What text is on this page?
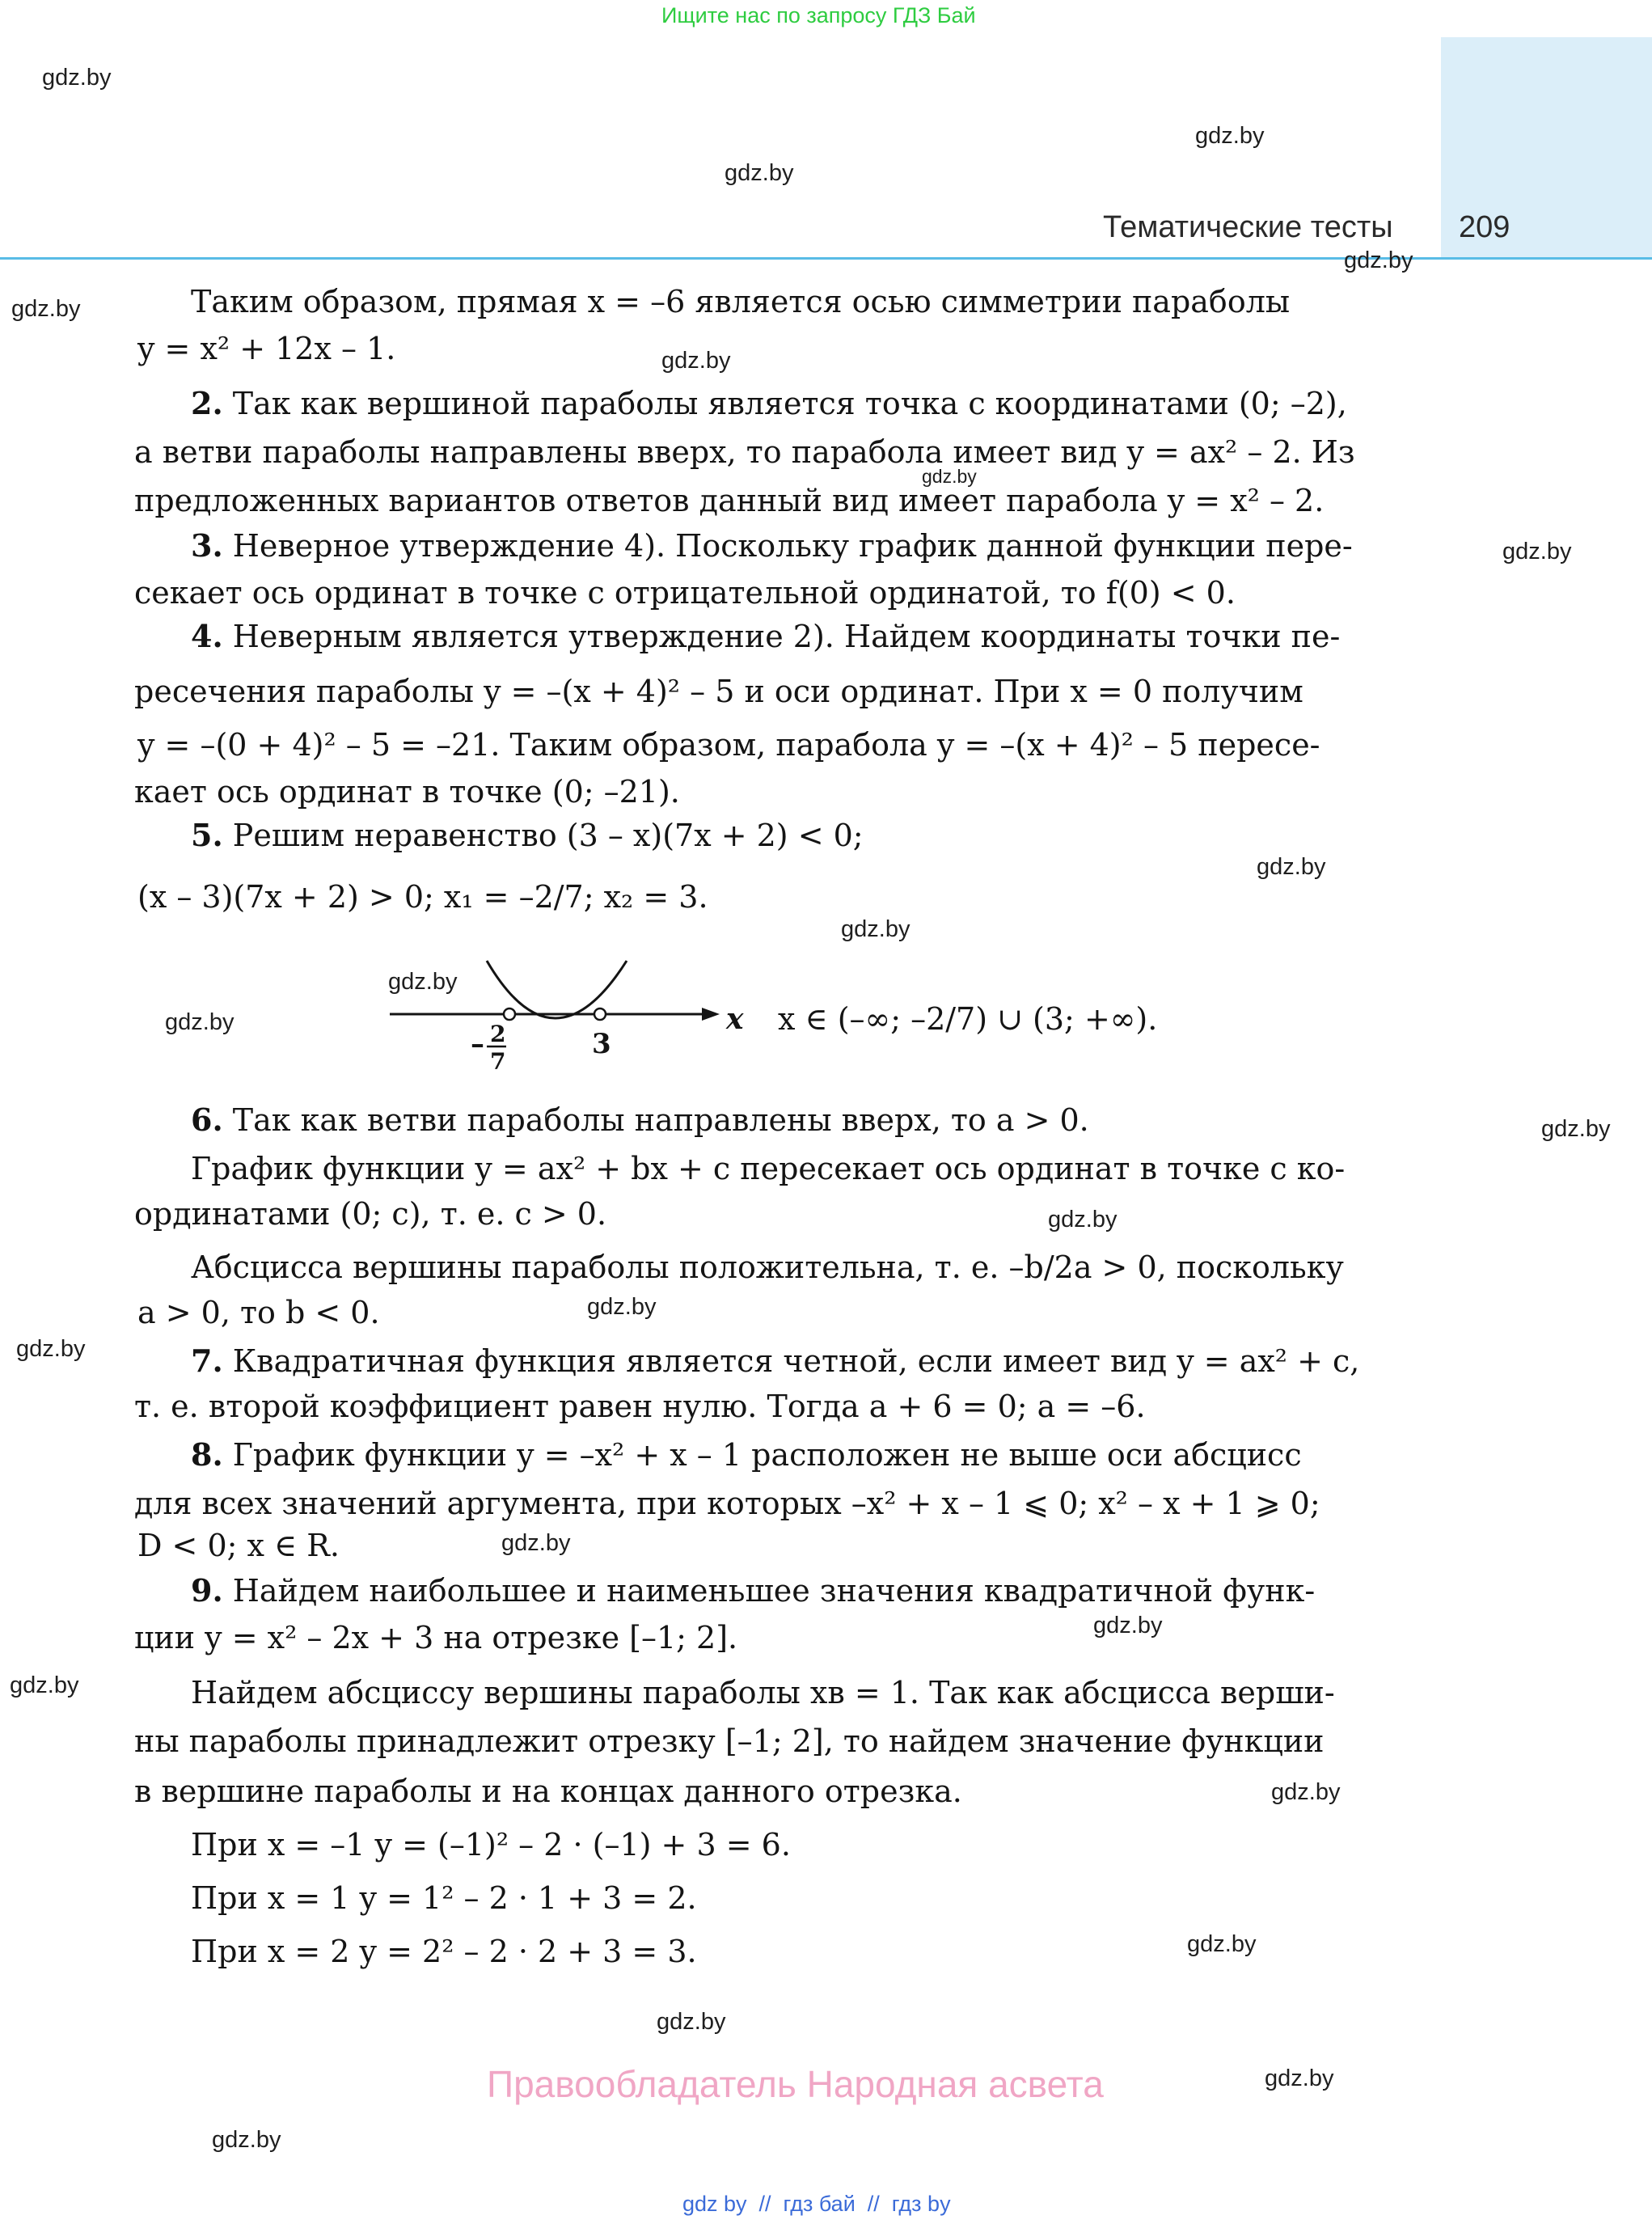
Ищите нас по запросу ГДЗ Бай
Тематические тесты 209
gdz.by
gdz.by
gdz.by
gdz.by
gdz.by
gdz.by
gdz.by
gdz.by
gdz.by
gdz.by
gdz.by
gdz.by
gdz.by
gdz.by
gdz.by
gdz.by
gdz.by
gdz.by
gdz.by
gdz.by
gdz.by
gdz.by
gdz.by
gdz.by
Таким образом, прямая x = –6 является осью симметрии параболы
y = x² + 12x – 1.
2. Так как вершиной параболы является точка с координатами (0; –2),
а ветви параболы направлены вверх, то парабола имеет вид y = ax² – 2. Из
предложенных вариантов ответов данный вид имеет парабола y = x² – 2.
3. Неверное утверждение 4). Поскольку график данной функции пере-
секает ось ординат в точке с отрицательной ординатой, то f(0) < 0.
4. Неверным является утверждение 2). Найдем координаты точки пе-
ресечения параболы y = –(x + 4)² – 5 и оси ординат. При x = 0 получим
y = –(0 + 4)² – 5 = –21. Таким образом, парабола y = –(x + 4)² – 5 пересе-
кает ось ординат в точке (0; –21).
5. Решим неравенство (3 – x)(7x + 2) < 0;
(x – 3)(7x + 2) > 0; x₁ = –2/7; x₂ = 3.
x
– 2
7
3
x ∈ (–∞; –2/7) ∪ (3; +∞).
6. Так как ветви параболы направлены вверх, то a > 0.
График функции y = ax² + bx + c пересекает ось ординат в точке с ко-
ординатами (0; c), т. е. c > 0.
Абсцисса вершины параболы положительна, т. е. –b/2a > 0, поскольку
a > 0, то b < 0.
7. Квадратичная функция является четной, если имеет вид y = ax² + c,
т. е. второй коэффициент равен нулю. Тогда a + 6 = 0; a = –6.
8. График функции y = –x² + x – 1 расположен не выше оси абсцисс
для всех значений аргумента, при которых –x² + x – 1 ⩽ 0; x² – x + 1 ⩾ 0;
D < 0; x ∈ R.
9. Найдем наибольшее и наименьшее значения квадратичной функ-
ции y = x² – 2x + 3 на отрезке [–1; 2].
Найдем абсциссу вершины параболы xв = 1. Так как абсцисса верши-
ны параболы принадлежит отрезку [–1; 2], то найдем значение функции
в вершине параболы и на концах данного отрезка.
При x = –1 y = (–1)² – 2 · (–1) + 3 = 6.
При x = 1 y = 1² – 2 · 1 + 3 = 2.
При x = 2 y = 2² – 2 · 2 + 3 = 3.
Правообладатель Народная асвета
gdz by  //  гдз бай  //  гдз by
